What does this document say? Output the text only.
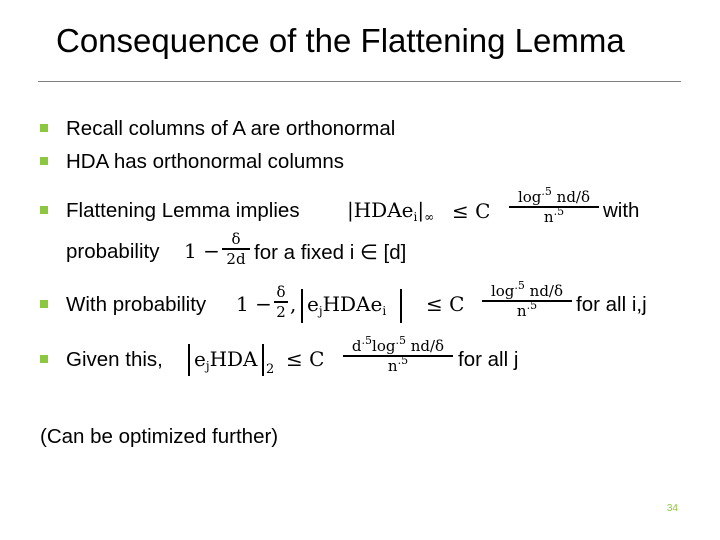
Consequence of the Flattening Lemma
Recall columns of A are orthonormal
HDA has orthonormal columns
Flattening Lemma implies $|HDAe_i|_\infty \le C$
$\log^{.5} nd/\delta$
$n^{.5}$	with
probability 1 − δ
2d for a fixed i ∈ [d]
With probability 1 − δ
2 , $e_jHDAe_i \le C$
$\log^{.5} nd/\delta$
$n^{.5}$	for all i,j
Given this, $e_jHDA$ 2 ≤ C
$d^{.5}\log^{.5}$ nd/δ
$n^{.5}$	for all j
(Can be optimized further)
34
